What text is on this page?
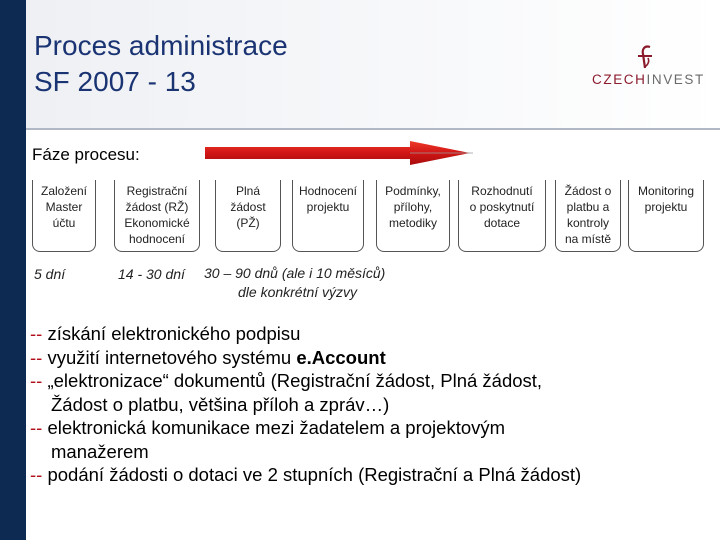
Proces administrace
SF 2007 - 13	CZECHINVEST
Fáze procesu:
Založení
Master
účtu
Registrační
žádost (RŽ)
Ekonomické
hodnocení
Plná
žádost
(PŽ)
Hodnocení
projektu
Podmínky,
přílohy,
metodiky
Rozhodnutí
o poskytnutí
dotace
Žádost o
platbu a
kontroly
na místě
Monitoring
projektu
5 dní	14 - 30 dní 30 – 90 dnů (ale i 10 měsíců)
dle konkrétní výzvy

-- získání elektronického podpisu

-- využití internetového systému e.Account

-- „elektronizace“ dokumentů (Registrační žádost, Plná žádost,
Žádost o platbu, většina příloh a zpráv…)

-- elektronická komunikace mezi žadatelem a projektovým
manažerem

-- podání žádosti o dotaci ve 2 stupních (Registrační a Plná žádost)
